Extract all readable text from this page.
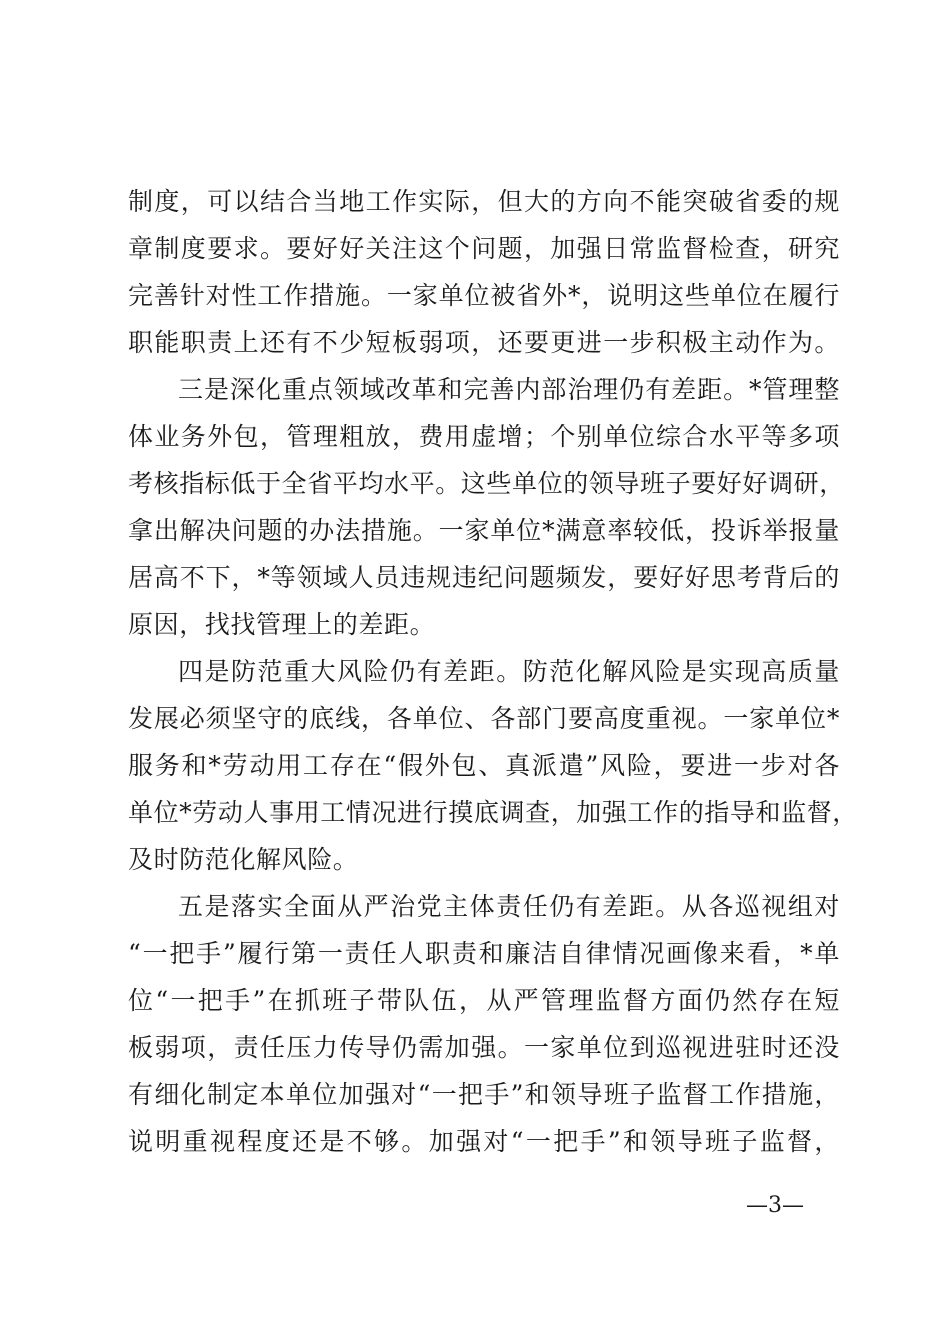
制度，可以结合当地工作实际，但大的方向不能突破省委的规
章制度要求。要好好关注这个问题，加强日常监督检查，研究
完善针对性工作措施。一家单位被省外*，说明这些单位在履行
职能职责上还有不少短板弱项，还要更进一步积极主动作为。
三是深化重点领域改革和完善内部治理仍有差距。*管理整
体业务外包，管理粗放，费用虚增；个别单位综合水平等多项
考核指标低于全省平均水平。这些单位的领导班子要好好调研，
拿出解决问题的办法措施。一家单位*满意率较低，投诉举报量
居高不下，*等领域人员违规违纪问题频发，要好好思考背后的
原因，找找管理上的差距。
四是防范重大风险仍有差距。防范化解风险是实现高质量
发展必须坚守的底线，各单位、各部门要高度重视。一家单位*
服务和*劳动用工存在“假外包、真派遣”风险，要进一步对各
单位*劳动人事用工情况进行摸底调查，加强工作的指导和监督，
及时防范化解风险。
五是落实全面从严治党主体责任仍有差距。从各巡视组对
“一把手”履行第一责任人职责和廉洁自律情况画像来看，*单
位“一把手”在抓班子带队伍，从严管理监督方面仍然存在短
板弱项，责任压力传导仍需加强。一家单位到巡视进驻时还没
有细化制定本单位加强对“一把手”和领导班子监督工作措施，
说明重视程度还是不够。加强对“一把手”和领导班子监督，
—3—
